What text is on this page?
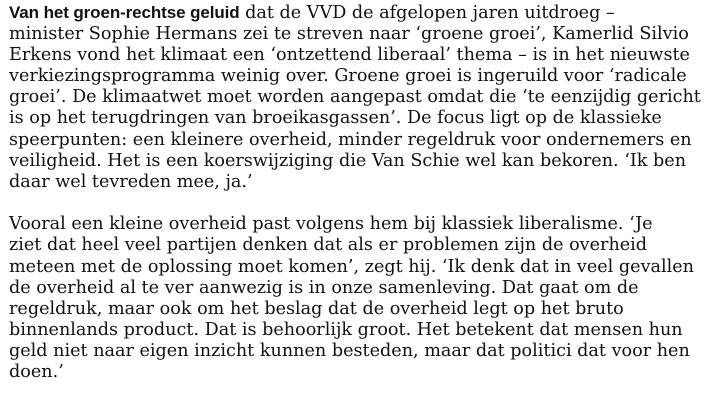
Van het groen-rechtse geluid dat de VVD de afgelopen jaren uitdroeg –
minister Sophie Hermans zei te streven naar ‘groene groei’, Kamerlid Silvio
Erkens vond het klimaat een ‘ontzettend liberaal’ thema – is in het nieuwste
verkiezingsprogramma weinig over. Groene groei is ingeruild voor ‘radicale
groei’. De klimaatwet moet worden aangepast omdat die ‘te eenzijdig gericht
is op het terugdringen van broeikasgassen’. De focus ligt op de klassieke
speerpunten: een kleinere overheid, minder regeldruk voor ondernemers en
veiligheid. Het is een koerswijziging die Van Schie wel kan bekoren. ‘Ik ben
daar wel tevreden mee, ja.’

Vooral een kleine overheid past volgens hem bij klassiek liberalisme. ‘Je
ziet dat heel veel partijen denken dat als er problemen zijn de overheid
meteen met de oplossing moet komen’, zegt hij. ‘Ik denk dat in veel gevallen
de overheid al te ver aanwezig is in onze samenleving. Dat gaat om de
regeldruk, maar ook om het beslag dat de overheid legt op het bruto
binnenlands product. Dat is behoorlijk groot. Het betekent dat mensen hun
geld niet naar eigen inzicht kunnen besteden, maar dat politici dat voor hen
doen.’
